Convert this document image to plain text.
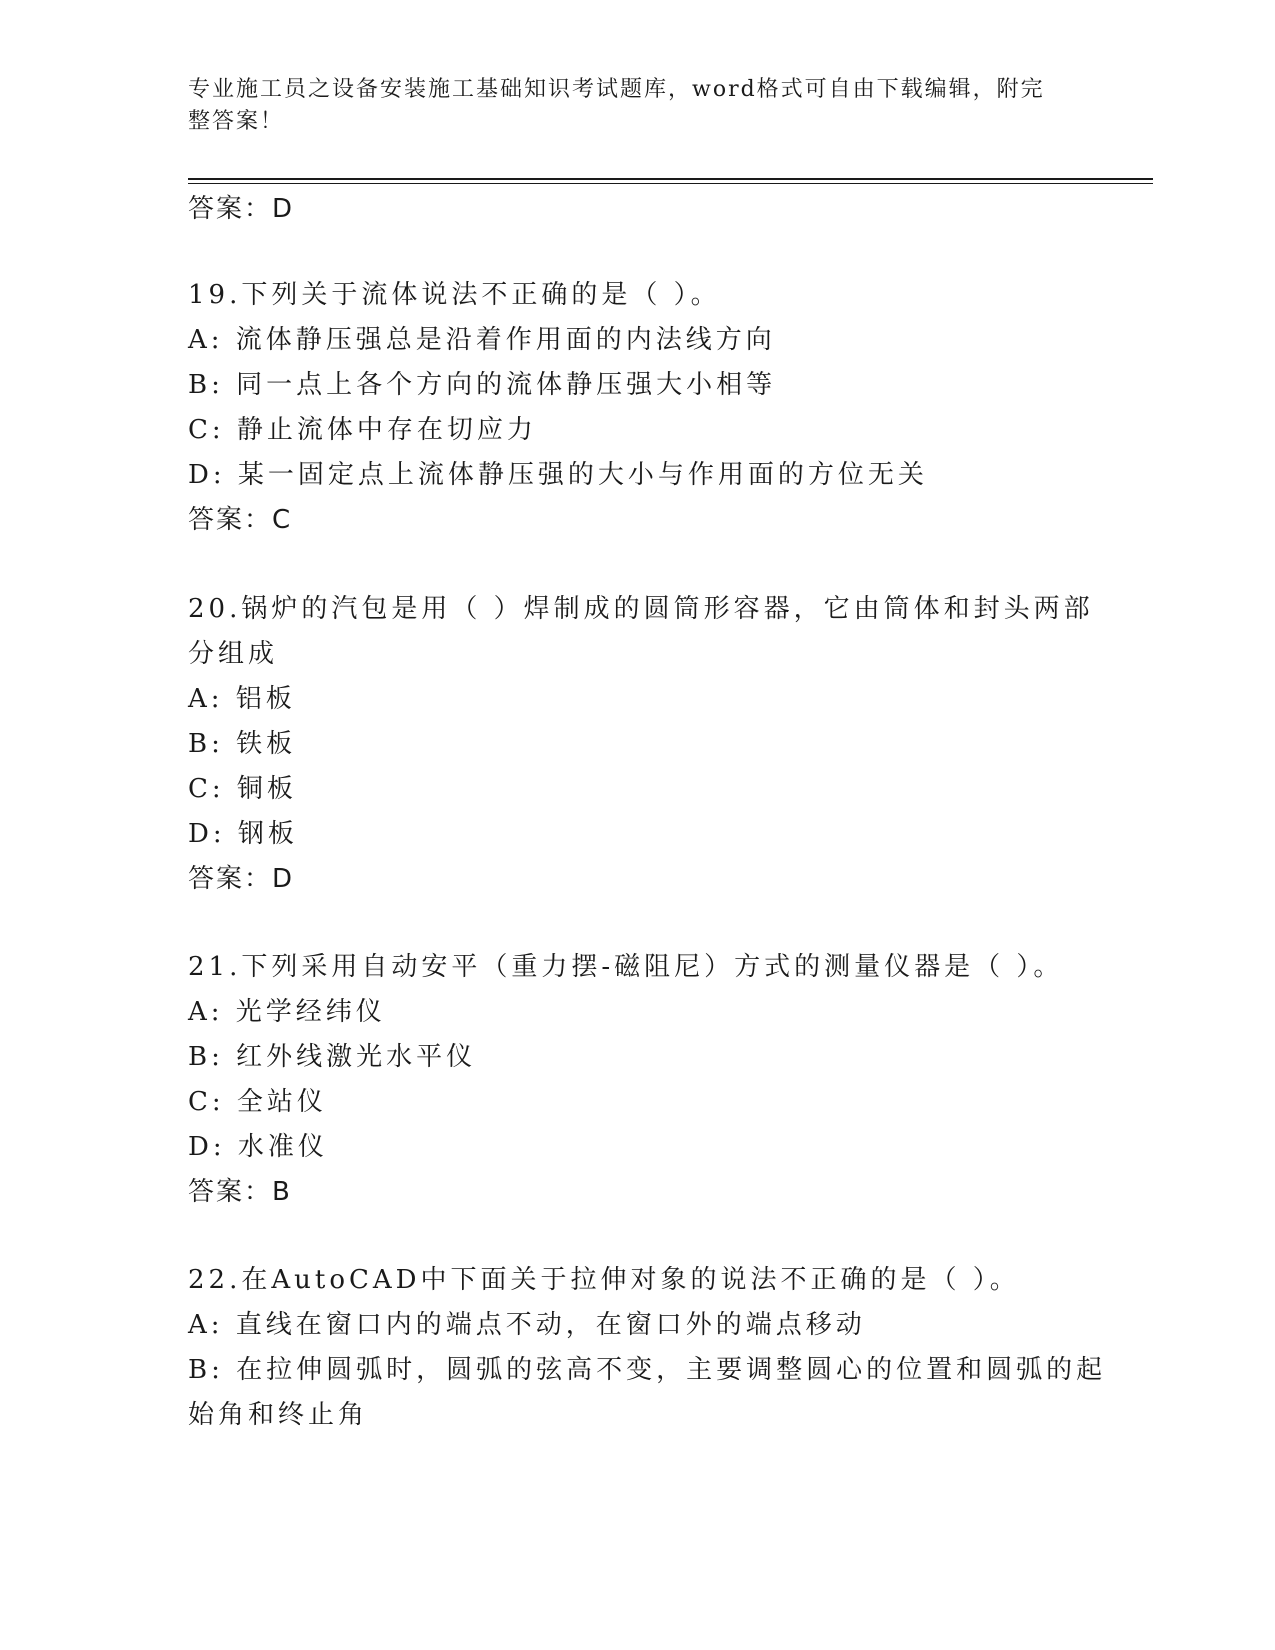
专业施工员之设备安装施工基础知识考试题库，word格式可自由下载编辑，附完
整答案！
答案：D
19.下列关于流体说法不正确的是（ ）。
A: 流体静压强总是沿着作用面的内法线方向
B: 同一点上各个方向的流体静压强大小相等
C: 静止流体中存在切应力
D: 某一固定点上流体静压强的大小与作用面的方位无关
答案：C
20.锅炉的汽包是用（ ）焊制成的圆筒形容器，它由筒体和封头两部
分组成
A: 铝板
B: 铁板
C: 铜板
D: 钢板
答案：D
21.下列采用自动安平（重力摆-磁阻尼）方式的测量仪器是（ ）。
A: 光学经纬仪
B: 红外线激光水平仪
C: 全站仪
D: 水准仪
答案：B
22.在AutoCAD中下面关于拉伸对象的说法不正确的是（ ）。
A: 直线在窗口内的端点不动，在窗口外的端点移动
B: 在拉伸圆弧时，圆弧的弦高不变，主要调整圆心的位置和圆弧的起
始角和终止角
